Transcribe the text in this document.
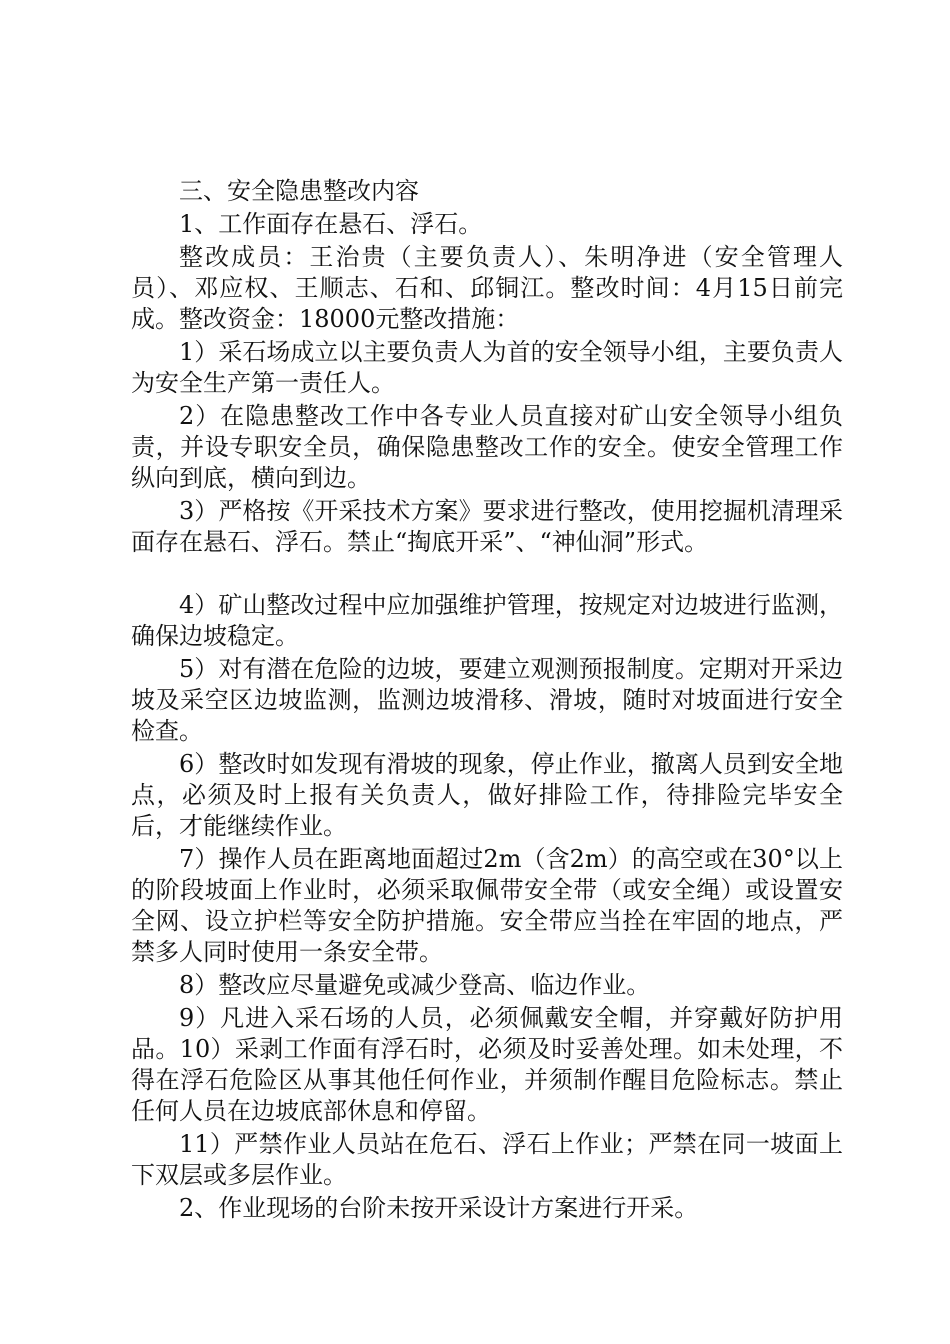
三、安全隐患整改内容

1、工作面存在悬石、浮石。

整改成员：王治贵（主要负责人）、朱明净进（安全管理人员）、邓应权、王顺志、石和、邱铜江。整改时间：4月15日前完成。整改资金：18000元整改措施：

1）采石场成立以主要负责人为首的安全领导小组，主要负责人为安全生产第一责任人。

2）在隐患整改工作中各专业人员直接对矿山安全领导小组负责，并设专职安全员，确保隐患整改工作的安全。使安全管理工作纵向到底，横向到边。

3）严格按《开采技术方案》要求进行整改，使用挖掘机清理采面存在悬石、浮石。禁止“掏底开采”、“神仙洞”形式。

4）矿山整改过程中应加强维护管理，按规定对边坡进行监测，确保边坡稳定。

5）对有潜在危险的边坡，要建立观测预报制度。定期对开采边坡及采空区边坡监测，监测边坡滑移、滑坡，随时对坡面进行安全检查。

6）整改时如发现有滑坡的现象，停止作业，撤离人员到安全地点，必须及时上报有关负责人，做好排险工作，待排险完毕安全后，才能继续作业。

7）操作人员在距离地面超过2m（含2m）的高空或在30°以上的阶段坡面上作业时，必须采取佩带安全带（或安全绳）或设置安全网、设立护栏等安全防护措施。安全带应当拴在牢固的地点，严禁多人同时使用一条安全带。

8）整改应尽量避免或减少登高、临边作业。

9）凡进入采石场的人员，必须佩戴安全帽，并穿戴好防护用品。10）采剥工作面有浮石时，必须及时妥善处理。如未处理，不得在浮石危险区从事其他任何作业，并须制作醒目危险标志。禁止任何人员在边坡底部休息和停留。

11）严禁作业人员站在危石、浮石上作业；严禁在同一坡面上下双层或多层作业。

2、作业现场的台阶未按开采设计方案进行开采。
